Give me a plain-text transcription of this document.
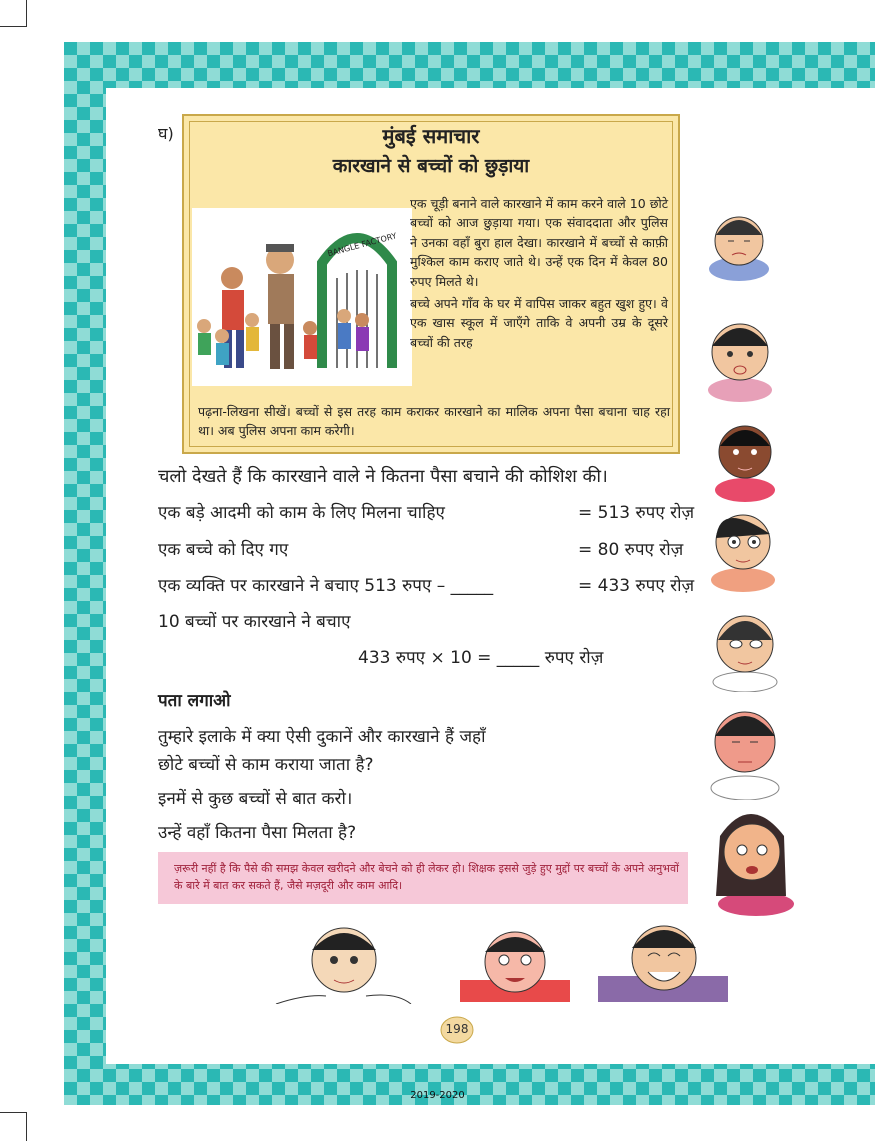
घ)	मुंबई समाचार
कारखाने से बच्चों को छुड़ाया
BANGLE FACTORY

एक चूड़ी बनाने वाले कारखाने में काम करने वाले 10 छोटे बच्चों को आज छुड़ाया गया। एक संवाददाता और पुलिस ने उनका वहाँ बुरा हाल देखा। कारखाने में बच्चों से काफ़ी मुश्किल काम कराए जाते थे। उन्हें एक दिन में केवल 80 रुपए मिलते थे।

बच्चे अपने गाँव के घर में वापिस जाकर बहुत खुश हुए। वे एक खास स्कूल में जाएँगे ताकि वे अपनी उम्र के दूसरे बच्चों की तरह

पढ़ना-लिखना सीखें। बच्चों से इस तरह काम कराकर कारखाने का मालिक अपना पैसा बचाना चाह रहा था। अब पुलिस अपना काम करेगी।
चलो देखते हैं कि कारखाने वाले ने कितना पैसा बचाने की कोशिश की।
एक बड़े आदमी को काम के लिए मिलना चाहिए	= 513 रुपए रोज़
एक बच्चे को दिए गए	= 80 रुपए रोज़
एक व्यक्ति पर कारखाने ने बचाए 513 रुपए – _____	= 433 रुपए रोज़
10 बच्चों पर कारखाने ने बचाए
433 रुपए × 10 = _____ रुपए रोज़
पता लगाओ
तुम्हारे इलाके में क्या ऐसी दुकानें और कारखाने हैं जहाँ
छोटे बच्चों से काम कराया जाता है?
इनमें से कुछ बच्चों से बात करो।
उन्हें वहाँ कितना पैसा मिलता है?
ज़रूरी नहीं है कि पैसे की समझ केवल खरीदने और बेचने को ही लेकर हो। शिक्षक इससे जुड़े हुए मुद्दों पर बच्चों के अपने अनुभवों के बारे में बात कर सकते हैं, जैसे मज़दूरी और काम आदि।
198
2019-2020
